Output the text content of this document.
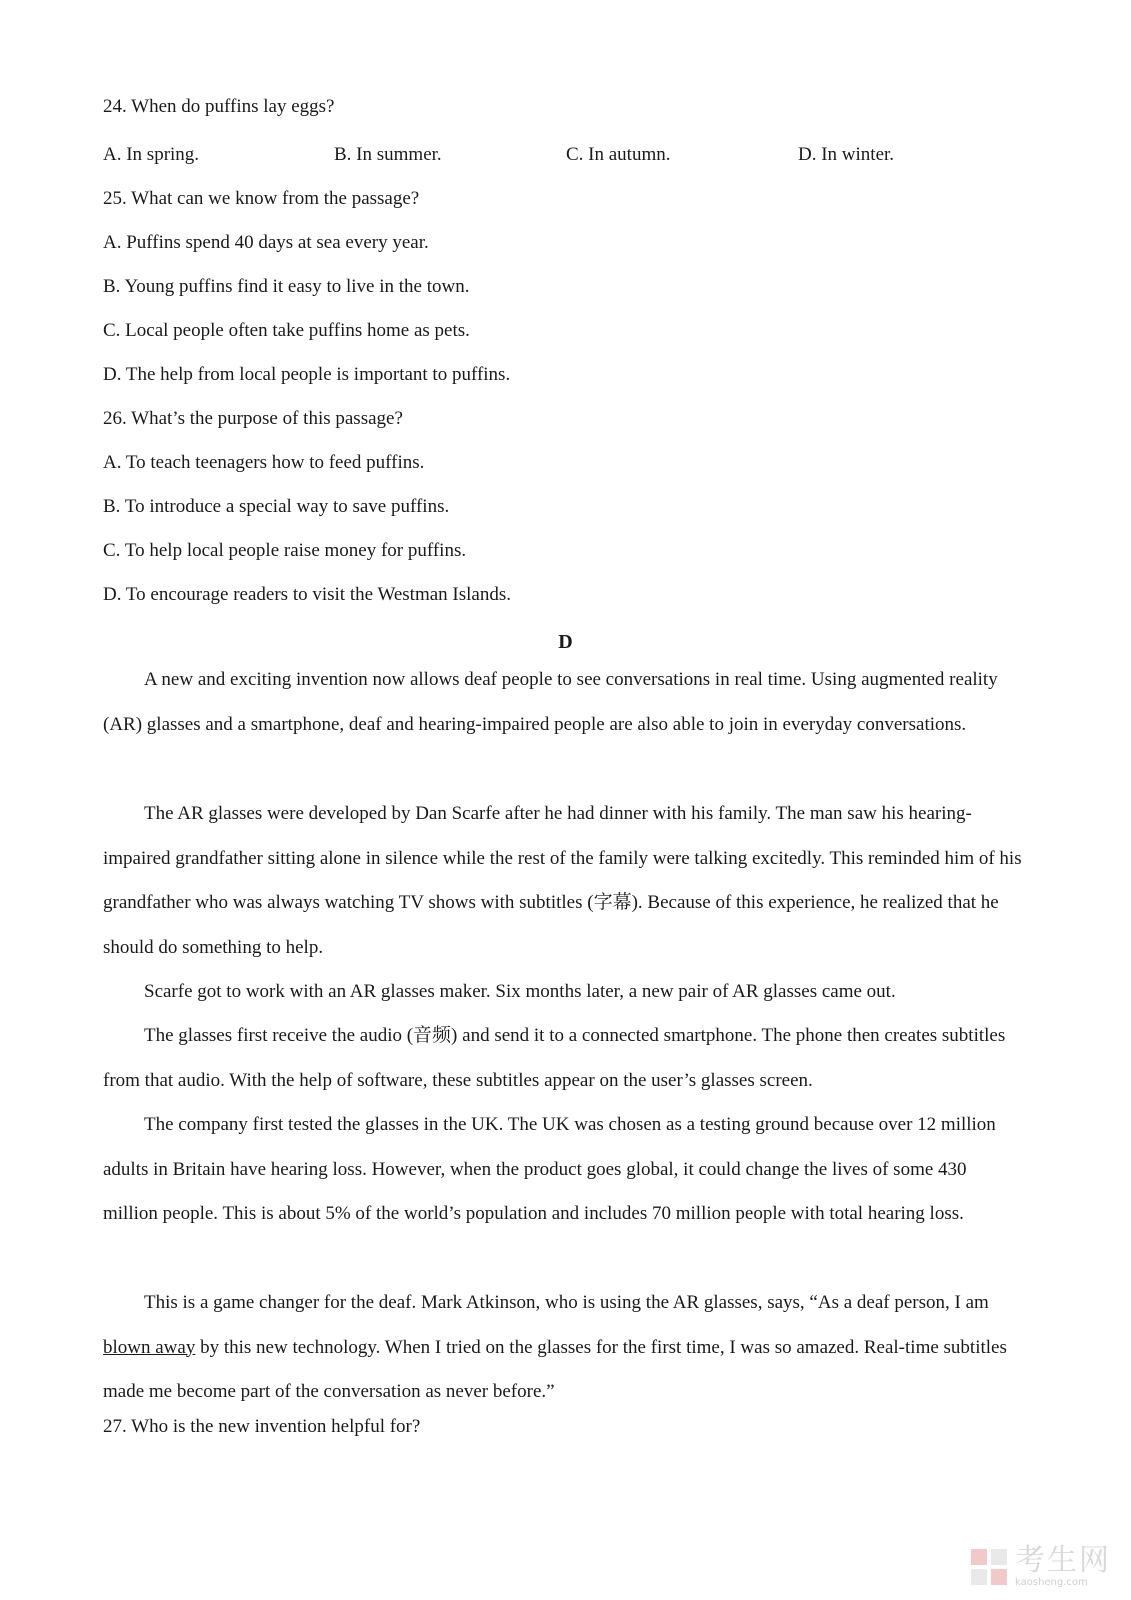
24. When do puffins lay eggs?
A. In spring.	B. In summer.	C. In autumn.	D. In winter.
25. What can we know from the passage?
A. Puffins spend 40 days at sea every year.
B. Young puffins find it easy to live in the town.
C. Local people often take puffins home as pets.
D. The help from local people is important to puffins.
26. What’s the purpose of this passage?
A. To teach teenagers how to feed puffins.
B. To introduce a special way to save puffins.
C. To help local people raise money for puffins.
D. To encourage readers to visit the Westman Islands.
D

A new and exciting invention now allows deaf people to see conversations in real time. Using augmented reality (AR) glasses and a smartphone, deaf and hearing-impaired people are also able to join in everyday conversations.

The AR glasses were developed by Dan Scarfe after he had dinner with his family. The man saw his hearing-impaired grandfather sitting alone in silence while the rest of the family were talking excitedly. This reminded him of his grandfather who was always watching TV shows with subtitles (字幕). Because of this experience, he realized that he should do something to help.

Scarfe got to work with an AR glasses maker. Six months later, a new pair of AR glasses came out.

The glasses first receive the audio (音频) and send it to a connected smartphone. The phone then creates subtitles from that audio. With the help of software, these subtitles appear on the user’s glasses screen.

The company first tested the glasses in the UK. The UK was chosen as a testing ground because over 12 million adults in Britain have hearing loss. However, when the product goes global, it could change the lives of some 430 million people. This is about 5% of the world’s population and includes 70 million people with total hearing loss.

This is a game changer for the deaf. Mark Atkinson, who is using the AR glasses, says, “As a deaf person, I am blown away by this new technology. When I tried on the glasses for the first time, I was so amazed. Real-time subtitles made me become part of the conversation as never before.”

27. Who is the new invention helpful for?
考生网
kaosheng.com
